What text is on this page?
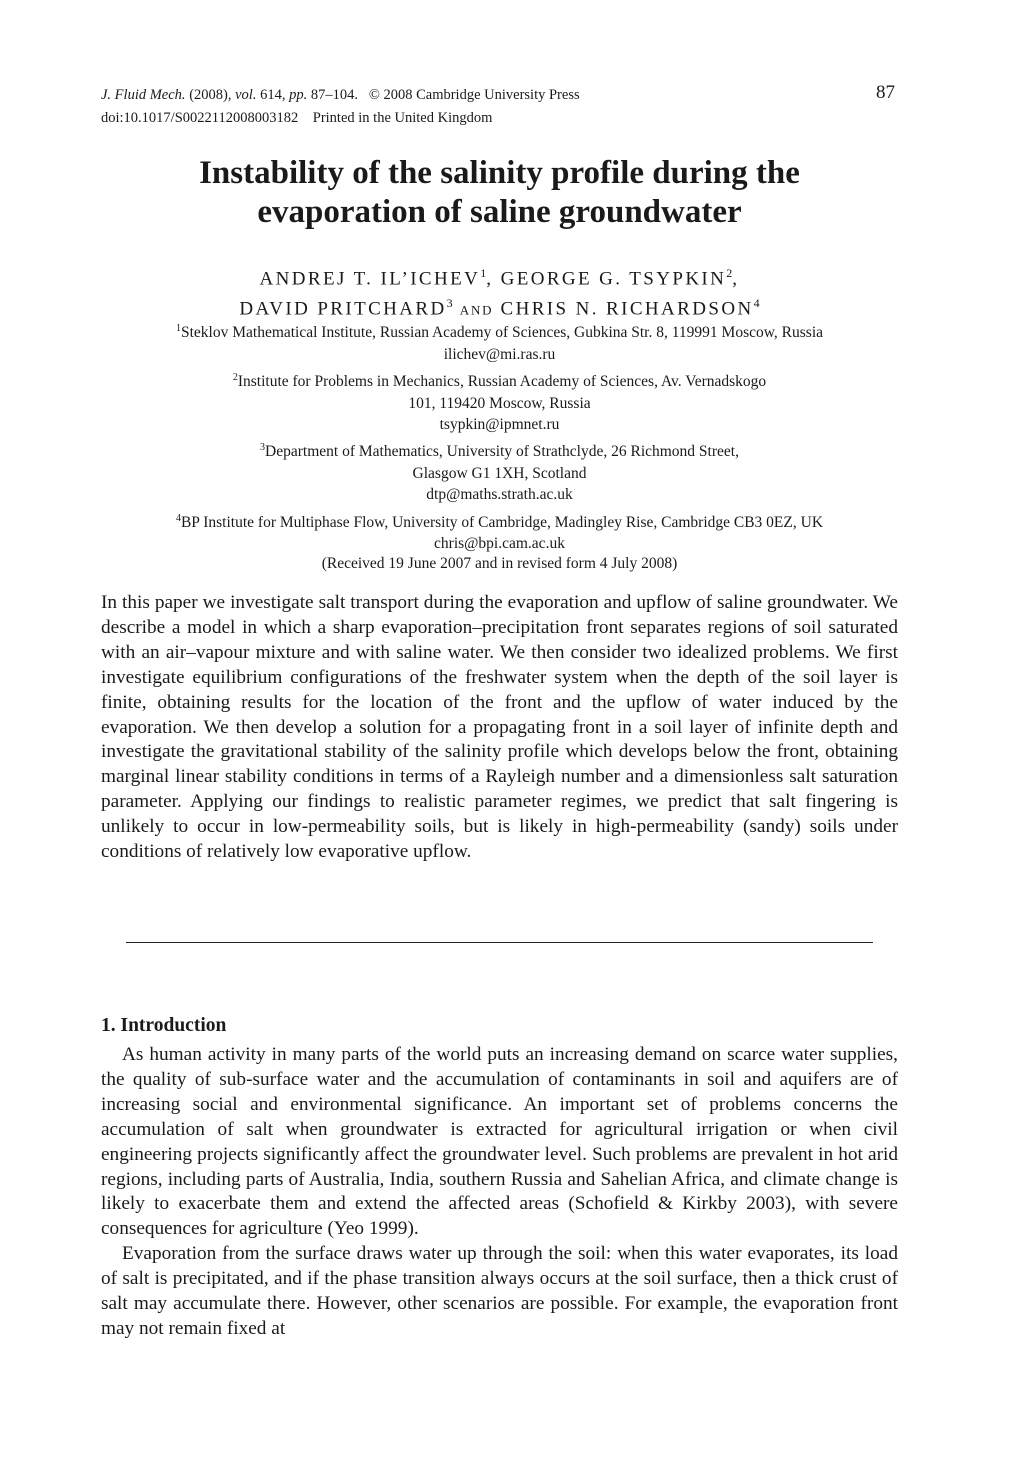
J. Fluid Mech. (2008), vol. 614, pp. 87–104. © 2008 Cambridge University Press
doi:10.1017/S0022112008003182 Printed in the United Kingdom
87
Instability of the salinity profile during the
evaporation of saline groundwater
ANDREJ T. IL’ICHEV$^1$, GEORGE G. TSYPKIN$^2$,
DAVID PRITCHARD$^3$ AND CHRIS N. RICHARDSON$^4$
$^1$Steklov Mathematical Institute, Russian Academy of Sciences, Gubkina Str. 8, 119991 Moscow, Russia
ilichev@mi.ras.ru
$^2$Institute for Problems in Mechanics, Russian Academy of Sciences, Av. Vernadskogo
101, 119420 Moscow, Russia
tsypkin@ipmnet.ru
$^3$Department of Mathematics, University of Strathclyde, 26 Richmond Street,
Glasgow G1 1XH, Scotland
dtp@maths.strath.ac.uk
$^4$BP Institute for Multiphase Flow, University of Cambridge, Madingley Rise, Cambridge CB3 0EZ, UK
chris@bpi.cam.ac.uk
(Received 19 June 2007 and in revised form 4 July 2008)

In this paper we investigate salt transport during the evaporation and upflow of saline groundwater. We describe a model in which a sharp evaporation–precipitation front separates regions of soil saturated with an air–vapour mixture and with saline water. We then consider two idealized problems. We first investigate equilibrium configurations of the freshwater system when the depth of the soil layer is finite, obtaining results for the location of the front and the upflow of water induced by the evaporation. We then develop a solution for a propagating front in a soil layer of infinite depth and investigate the gravitational stability of the salinity profile which develops below the front, obtaining marginal linear stability conditions in terms of a Rayleigh number and a dimensionless salt saturation parameter. Applying our findings to realistic parameter regimes, we predict that salt fingering is unlikely to occur in low-permeability soils, but is likely in high-permeability (sandy) soils under conditions of relatively low evaporative upflow.

1. Introduction

As human activity in many parts of the world puts an increasing demand on scarce water supplies, the quality of sub-surface water and the accumulation of contaminants in soil and aquifers are of increasing social and environmental significance. An important set of problems concerns the accumulation of salt when groundwater is extracted for agricultural irrigation or when civil engineering projects significantly affect the groundwater level. Such problems are prevalent in hot arid regions, including parts of Australia, India, southern Russia and Sahelian Africa, and climate change is likely to exacerbate them and extend the affected areas (Schofield & Kirkby 2003), with severe consequences for agriculture (Yeo 1999).

Evaporation from the surface draws water up through the soil: when this water evaporates, its load of salt is precipitated, and if the phase transition always occurs at the soil surface, then a thick crust of salt may accumulate there. However, other scenarios are possible. For example, the evaporation front may not remain fixed at
